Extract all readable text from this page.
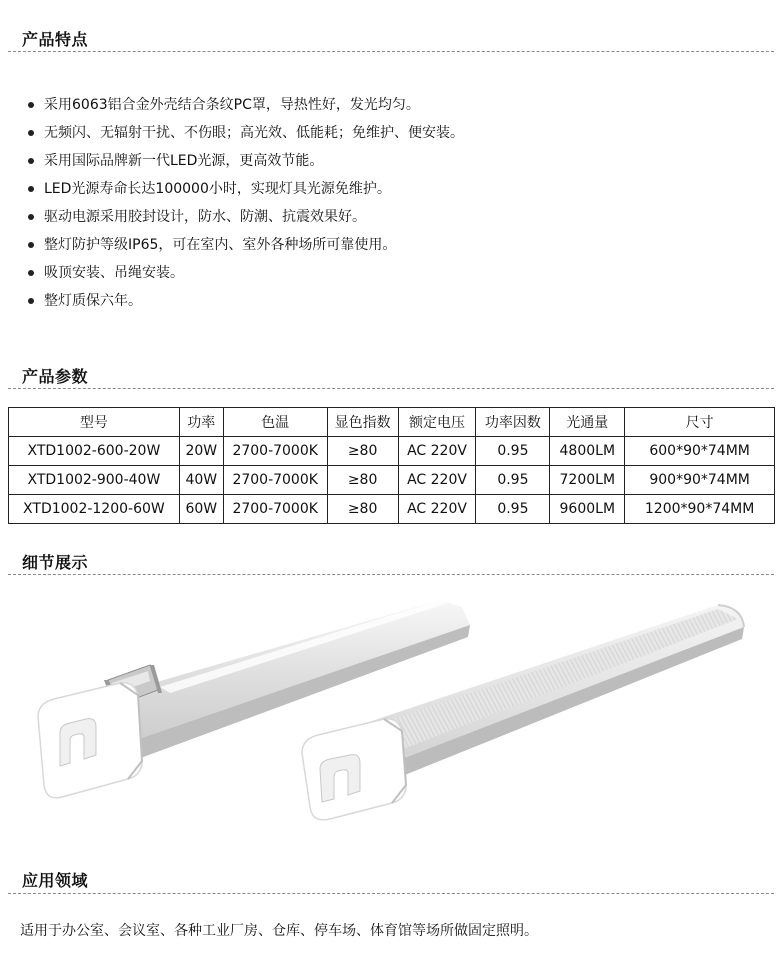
产品特点
采用6063铝合金外壳结合条纹PC罩，导热性好，发光均匀。
无频闪、无辐射干扰、不伤眼；高光效、低能耗；免维护、便安装。
采用国际品牌新一代LED光源，更高效节能。
LED光源寿命长达100000小时，实现灯具光源免维护。
驱动电源采用胶封设计，防水、防潮、抗震效果好。
整灯防护等级IP65，可在室内、室外各种场所可靠使用。
吸顶安装、吊绳安装。
整灯质保六年。
产品参数
型号	功率	色温	显色指数	额定电压	功率因数	光通量	尺寸
XTD1002-600-20W	20W	2700-7000K	≥80	AC 220V	0.95	4800LM	600*90*74MM
XTD1002-900-40W	40W	2700-7000K	≥80	AC 220V	0.95	7200LM	900*90*74MM
XTD1002-1200-60W	60W	2700-7000K	≥80	AC 220V	0.95	9600LM	1200*90*74MM
细节展示
应用领域
适用于办公室、会议室、各种工业厂房、仓库、停车场、体育馆等场所做固定照明。
